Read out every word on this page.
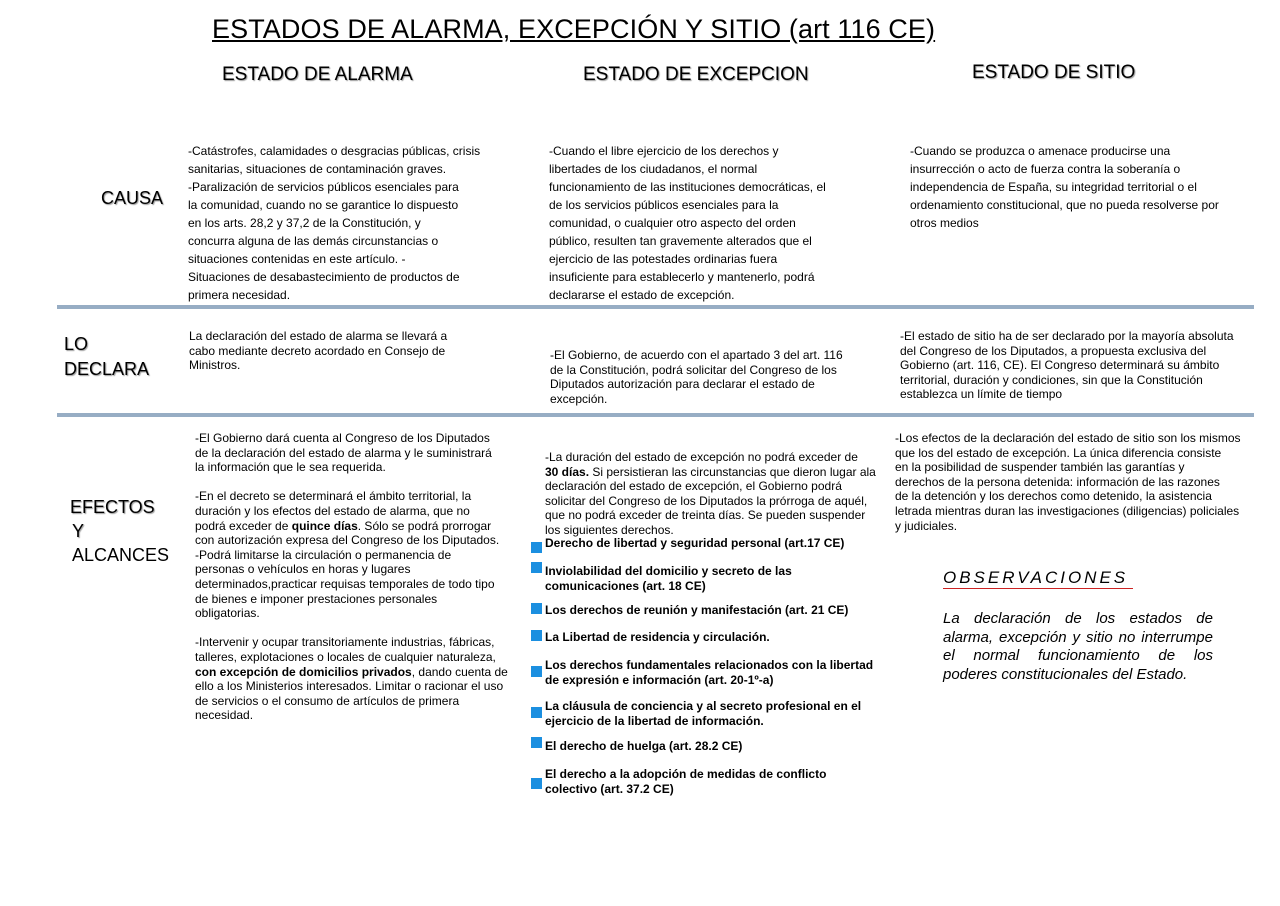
ESTADOS DE ALARMA, EXCEPCIÓN Y SITIO (art 116 CE)
ESTADO DE ALARMA	ESTADO DE EXCEPCION	ESTADO DE SITIO
CAUSA
LO
DECLARA
EFECTOS
Y
ALCANCES
-Catástrofes, calamidades o desgracias públicas, crisis
sanitarias, situaciones de contaminación graves.
-Paralización de servicios públicos esenciales para
la comunidad, cuando no se garantice lo dispuesto
en los arts. 28,2 y 37,2 de la Constitución, y
concurra alguna de las demás circunstancias o
situaciones contenidas en este artículo. -
Situaciones de desabastecimiento de productos de
primera necesidad.
-Cuando el libre ejercicio de los derechos y
libertades de los ciudadanos, el normal
funcionamiento de las instituciones democráticas, el
de los servicios públicos esenciales para la
comunidad, o cualquier otro aspecto del orden
público, resulten tan gravemente alterados que el
ejercicio de las potestades ordinarias fuera
insuficiente para establecerlo y mantenerlo, podrá
declararse el estado de excepción.
-Cuando se produzca o amenace producirse una
insurrección o acto de fuerza contra la soberanía o
independencia de España, su integridad territorial o el
ordenamiento constitucional, que no pueda resolverse por
otros medios
La declaración del estado de alarma se llevará a
cabo mediante decreto acordado en Consejo de
Ministros.
-El Gobierno, de acuerdo con el apartado 3 del art. 116
de la Constitución, podrá solicitar del Congreso de los
Diputados autorización para declarar el estado de
excepción.
-El estado de sitio ha de ser declarado por la mayoría absoluta
del Congreso de los Diputados, a propuesta exclusiva del
Gobierno (art. 116, CE). El Congreso determinará su ámbito
territorial, duración y condiciones, sin que la Constitución
establezca un límite de tiempo
-El Gobierno dará cuenta al Congreso de los Diputados
de la declaración del estado de alarma y le suministrará
la información que le sea requerida.
-En el decreto se determinará el ámbito territorial, la
duración y los efectos del estado de alarma, que no
podrá exceder de quince días. Sólo se podrá prorrogar
con autorización expresa del Congreso de los Diputados.
-Podrá limitarse la circulación o permanencia de
personas o vehículos en horas y lugares
determinados,practicar requisas temporales de todo tipo
de bienes e imponer prestaciones personales
obligatorias.
-Intervenir y ocupar transitoriamente industrias, fábricas,
talleres, explotaciones o locales de cualquier naturaleza,
con excepción de domicilios privados, dando cuenta de
ello a los Ministerios interesados. Limitar o racionar el uso
de servicios o el consumo de artículos de primera
necesidad.
-La duración del estado de excepción no podrá exceder de
30 días. Si persistieran las circunstancias que dieron lugar ala
declaración del estado de excepción, el Gobierno podrá
solicitar del Congreso de los Diputados la prórroga de aquél,
que no podrá exceder de treinta días. Se pueden suspender
los siguientes derechos.
Derecho de libertad y seguridad personal (art.17 CE)
Inviolabilidad del domicilio y secreto de las
comunicaciones (art. 18 CE)
Los derechos de reunión y manifestación (art. 21 CE)
La Libertad de residencia y circulación.
Los derechos fundamentales relacionados con la libertad
de expresión e información (art. 20-1º-a)
La cláusula de conciencia y al secreto profesional en el
ejercicio de la libertad de información.
El derecho de huelga (art. 28.2 CE)
El derecho a la adopción de medidas de conflicto
colectivo (art. 37.2 CE)
-Los efectos de la declaración del estado de sitio son los mismos
que los del estado de excepción. La única diferencia consiste
en la posibilidad de suspender también las garantías y
derechos de la persona detenida: información de las razones
de la detención y los derechos como detenido, la asistencia
letrada mientras duran las investigaciones (diligencias) policiales
y judiciales.
OBSERVACIONES
La declaración de los estados de alarma, excepción y sitio no interrumpe el normal funcionamiento de los poderes constitucionales del Estado.
